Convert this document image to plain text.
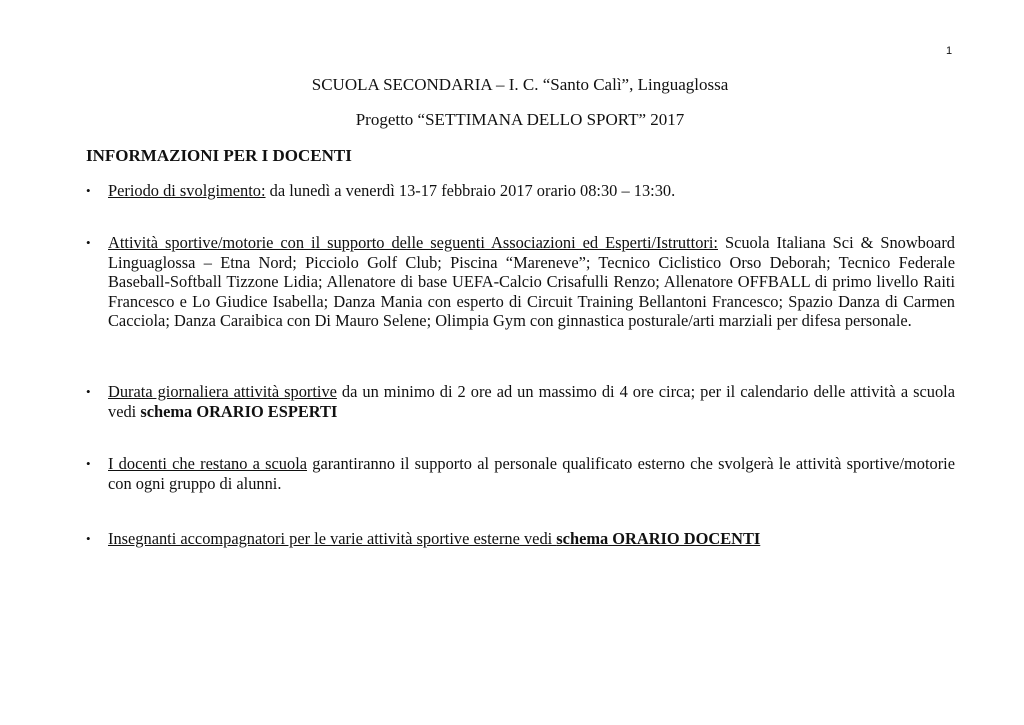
1
SCUOLA SECONDARIA – I. C. “Santo Calì”, Linguaglossa
Progetto “SETTIMANA DELLO SPORT” 2017
INFORMAZIONI PER I DOCENTI
•	Periodo di svolgimento: da lunedì a venerdì 13-17 febbraio 2017 orario 08:30 – 13:30.
•	Attività sportive/motorie con il supporto delle seguenti Associazioni ed Esperti/Istruttori: Scuola Italiana Sci & Snowboard Linguaglossa – Etna Nord; Picciolo Golf Club; Piscina “Mareneve”; Tecnico Ciclistico Orso Deborah; Tecnico Federale Baseball-Softball Tizzone Lidia; Allenatore di base UEFA-Calcio Crisafulli Renzo; Allenatore OFFBALL di primo livello Raiti Francesco e Lo Giudice Isabella; Danza Mania con esperto di Circuit Training Bellantoni Francesco; Spazio Danza di Carmen Cacciola; Danza Caraibica con Di Mauro Selene; Olimpia Gym con ginnastica posturale/arti marziali per difesa personale.
•	Durata giornaliera attività sportive da un minimo di 2 ore ad un massimo di 4 ore circa; per il calendario delle attività a scuola vedi schema ORARIO ESPERTI
•	I docenti che restano a scuola garantiranno il supporto al personale qualificato esterno che svolgerà le attività sportive/motorie con ogni gruppo di alunni.
•	Insegnanti accompagnatori per le varie attività sportive esterne vedi schema ORARIO DOCENTI
